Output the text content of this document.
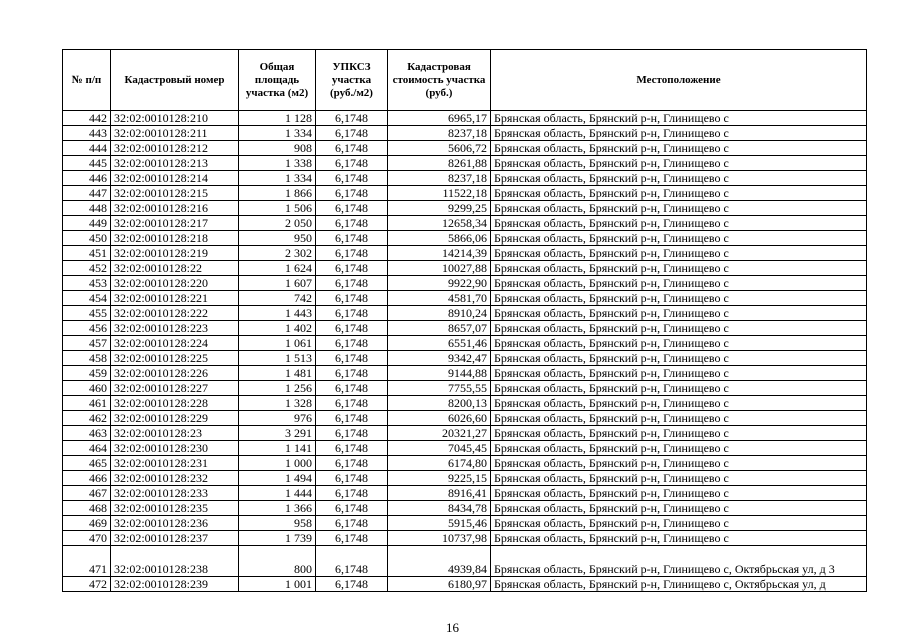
№ п/п	Кадастровый номер	Общая площадь участка (м2)	УПКСЗ участка (руб./м2)	Кадастровая стоимость участка (руб.)	Местоположение
442	32:02:0010128:210	1 128	6,1748	6965,17	Брянская область, Брянский р-н, Глинищево с
443	32:02:0010128:211	1 334	6,1748	8237,18	Брянская область, Брянский р-н, Глинищево с
444	32:02:0010128:212	908	6,1748	5606,72	Брянская область, Брянский р-н, Глинищево с
445	32:02:0010128:213	1 338	6,1748	8261,88	Брянская область, Брянский р-н, Глинищево с
446	32:02:0010128:214	1 334	6,1748	8237,18	Брянская область, Брянский р-н, Глинищево с
447	32:02:0010128:215	1 866	6,1748	11522,18	Брянская область, Брянский р-н, Глинищево с
448	32:02:0010128:216	1 506	6,1748	9299,25	Брянская область, Брянский р-н, Глинищево с
449	32:02:0010128:217	2 050	6,1748	12658,34	Брянская область, Брянский р-н, Глинищево с
450	32:02:0010128:218	950	6,1748	5866,06	Брянская область, Брянский р-н, Глинищево с
451	32:02:0010128:219	2 302	6,1748	14214,39	Брянская область, Брянский р-н, Глинищево с
452	32:02:0010128:22	1 624	6,1748	10027,88	Брянская область, Брянский р-н, Глинищево с
453	32:02:0010128:220	1 607	6,1748	9922,90	Брянская область, Брянский р-н, Глинищево с
454	32:02:0010128:221	742	6,1748	4581,70	Брянская область, Брянский р-н, Глинищево с
455	32:02:0010128:222	1 443	6,1748	8910,24	Брянская область, Брянский р-н, Глинищево с
456	32:02:0010128:223	1 402	6,1748	8657,07	Брянская область, Брянский р-н, Глинищево с
457	32:02:0010128:224	1 061	6,1748	6551,46	Брянская область, Брянский р-н, Глинищево с
458	32:02:0010128:225	1 513	6,1748	9342,47	Брянская область, Брянский р-н, Глинищево с
459	32:02:0010128:226	1 481	6,1748	9144,88	Брянская область, Брянский р-н, Глинищево с
460	32:02:0010128:227	1 256	6,1748	7755,55	Брянская область, Брянский р-н, Глинищево с
461	32:02:0010128:228	1 328	6,1748	8200,13	Брянская область, Брянский р-н, Глинищево с
462	32:02:0010128:229	976	6,1748	6026,60	Брянская область, Брянский р-н, Глинищево с
463	32:02:0010128:23	3 291	6,1748	20321,27	Брянская область, Брянский р-н, Глинищево с
464	32:02:0010128:230	1 141	6,1748	7045,45	Брянская область, Брянский р-н, Глинищево с
465	32:02:0010128:231	1 000	6,1748	6174,80	Брянская область, Брянский р-н, Глинищево с
466	32:02:0010128:232	1 494	6,1748	9225,15	Брянская область, Брянский р-н, Глинищево с
467	32:02:0010128:233	1 444	6,1748	8916,41	Брянская область, Брянский р-н, Глинищево с
468	32:02:0010128:235	1 366	6,1748	8434,78	Брянская область, Брянский р-н, Глинищево с
469	32:02:0010128:236	958	6,1748	5915,46	Брянская область, Брянский р-н, Глинищево с
470	32:02:0010128:237	1 739	6,1748	10737,98	Брянская область, Брянский р-н, Глинищево с
471	32:02:0010128:238	800	6,1748	4939,84	Брянская область, Брянский р-н, Глинищево с, Октябрьская ул, д 3
472	32:02:0010128:239	1 001	6,1748	6180,97	Брянская область, Брянский р-н, Глинищево с, Октябрьская ул, д
16
